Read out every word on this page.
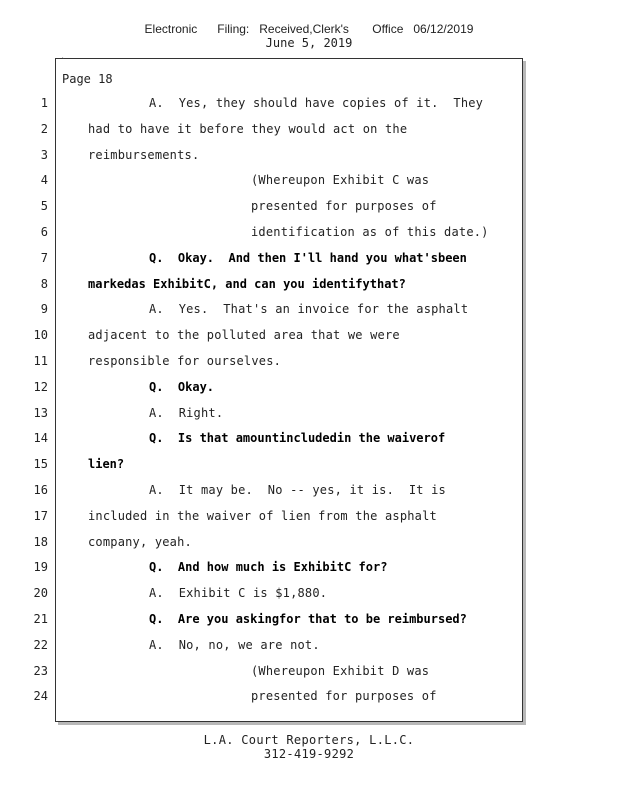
Electronic      Filing:   Received,Clerk's       Office   06/12/2019
June 5, 2019
`
Page 18
1	A.  Yes, they should have copies of it.  They
2	had to have it before they would act on the
3	reimbursements.
4	(Whereupon Exhibit C was
5	presented for purposes of
6	identification as of this date.)
7	Q.  Okay.  And then I'll hand you what'sbeen
8	markedas ExhibitC, and can you identifythat?
9	A.  Yes.  That's an invoice for the asphalt
10	adjacent to the polluted area that we were
11	responsible for ourselves.
12	Q.  Okay.
13	A.  Right.
14	Q.  Is that amountincludedin the waiverof
15	lien?
16	A.  It may be.  No -- yes, it is.  It is
17	included in the waiver of lien from the asphalt
18	company, yeah.
19	Q.  And how much is ExhibitC for?
20	A.  Exhibit C is $1,880.
21	Q.  Are you askingfor that to be reimbursed?
22	A.  No, no, we are not.
23	(Whereupon Exhibit D was
24	presented for purposes of
L.A. Court Reporters, L.L.C.
312-419-9292
